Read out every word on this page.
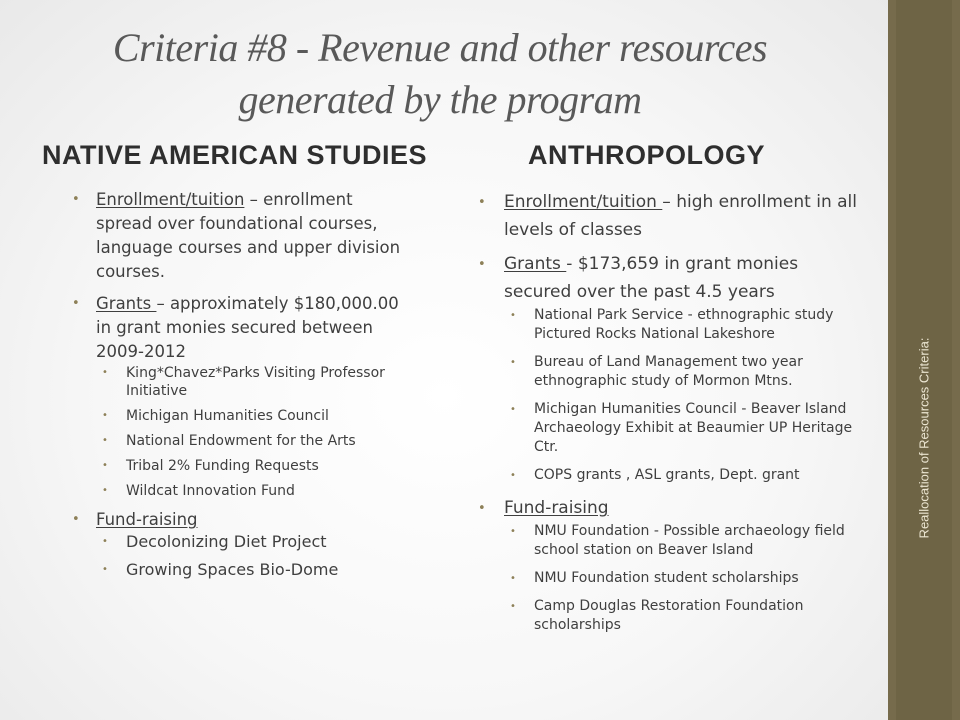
Reallocation of Resources Criteria:
Criteria #8 - Revenue and other resources generated by the program
NATIVE AMERICAN STUDIES	ANTHROPOLOGY
• Enrollment/tuition – enrollment spread over foundational courses, language courses and upper division courses.
• Grants – approximately $180,000.00 in grant monies secured between 2009-2012
• King*Chavez*Parks Visiting Professor Initiative
• Michigan Humanities Council
• National Endowment for the Arts
• Tribal 2% Funding Requests
• Wildcat Innovation Fund
• Fund-raising
• Decolonizing Diet Project
• Growing Spaces Bio-Dome
• Enrollment/tuition – high enrollment in all levels of classes
• Grants - $173,659 in grant monies secured over the past 4.5 years
• National Park Service - ethnographic study Pictured Rocks National Lakeshore
• Bureau of Land Management two year ethnographic study of Mormon Mtns.
• Michigan Humanities Council - Beaver Island Archaeology Exhibit at Beaumier UP Heritage Ctr.
• COPS grants , ASL grants, Dept. grant
• Fund-raising
• NMU Foundation - Possible archaeology field school station on Beaver Island
• NMU Foundation student scholarships
• Camp Douglas Restoration Foundation scholarships
